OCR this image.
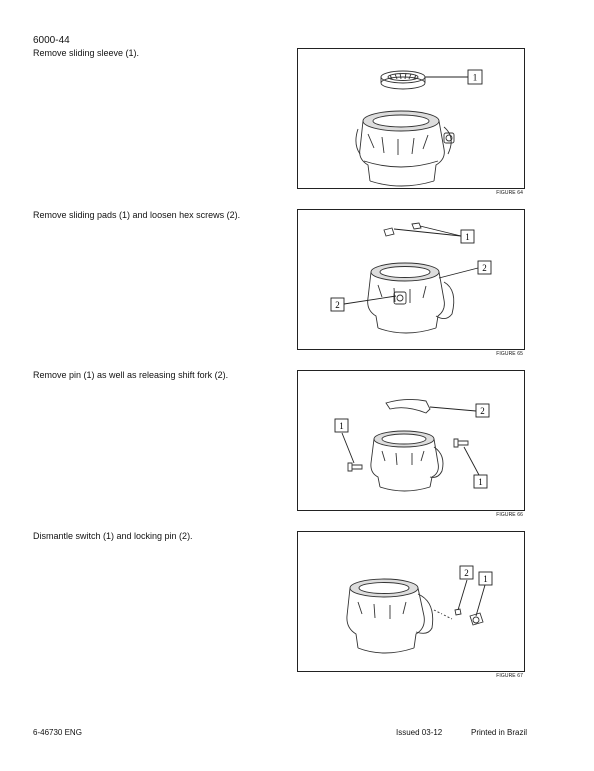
6000-44
Remove sliding sleeve (1).
1
FIGURE 64
Remove sliding pads (1) and loosen hex screws (2).
1
2
2
FIGURE 65
Remove pin (1) as well as releasing shift fork (2).
2
1
1
FIGURE 66
Dismantle switch (1) and locking pin (2).
2
1
FIGURE 67
6-46730 ENG	Issued 03-12	Printed in Brazil
